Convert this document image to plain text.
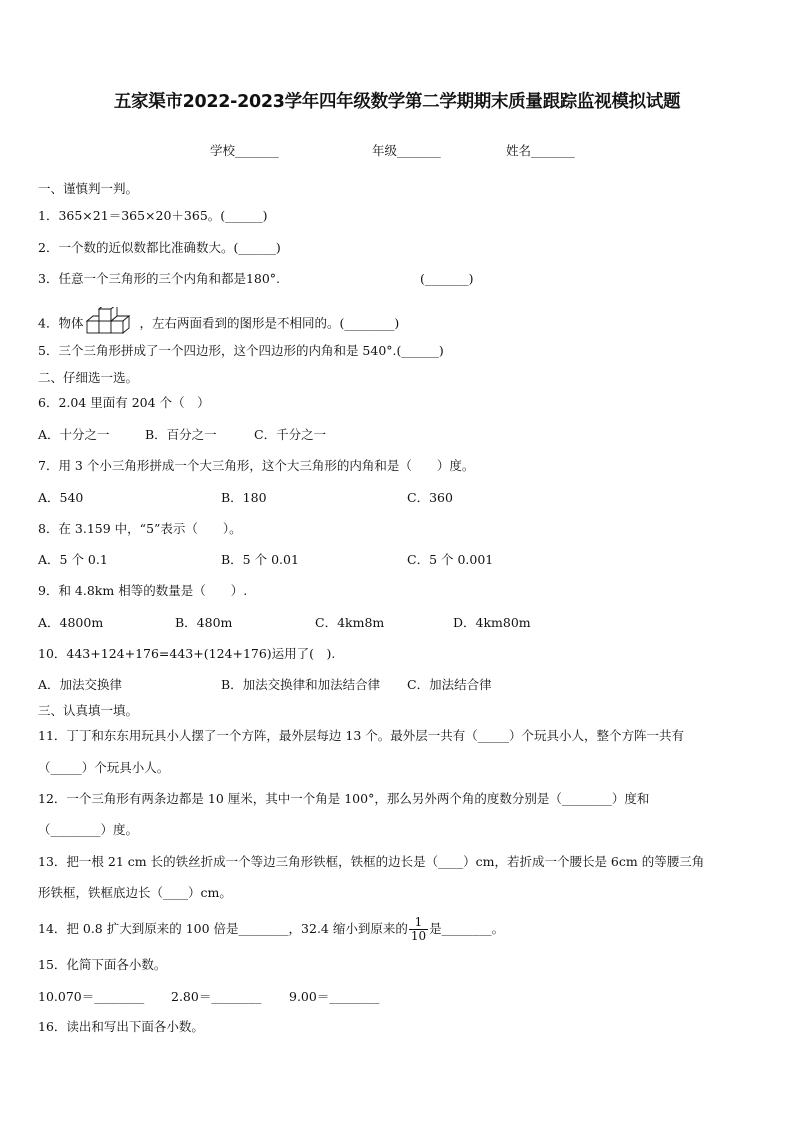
五家渠市2022-2023学年四年级数学第二学期期末质量跟踪监视模拟试题
学校_______	年级_______	姓名_______
一、谨慎判一判。
1．365×21＝365×20＋365。(______)
2．一个数的近似数都比准确数大。(______)
3．任意一个三角形的三个内角和都是180°.	(_______)
4．物体	，左右两面看到的图形是不相同的。(________)
5．三个三角形拼成了一个四边形，这个四边形的内角和是 540°.(______)
二、仔细选一选。
6．2.04 里面有 204 个（　）
A．十分之一	B．百分之一	C．千分之一
7．用 3 个小三角形拼成一个大三角形，这个大三角形的内角和是（　　）度。
A．540	B．180	C．360
8．在 3.159 中，“5”表示（　　）。
A．5 个 0.1	B．5 个 0.01	C．5 个 0.001
9．和 4.8km 相等的数量是（　　）.
A．4800m	B．480m	C．4km8m	D．4km80m
10．443+124+176=443+(124+176)运用了(　).
A．加法交换律	B．加法交换律和加法结合律 C．加法结合律
三、认真填一填。
11．丁丁和东东用玩具小人摆了一个方阵，最外层每边 13 个。最外层一共有（_____）个玩具小人，整个方阵一共有
（_____）个玩具小人。
12．一个三角形有两条边都是 10 厘米，其中一个角是 100°，那么另外两个角的度数分别是（________）度和
（________）度。
13．把一根 21 cm 长的铁丝折成一个等边三角形铁框，铁框的边长是（____）cm，若折成一个腰长是 6cm 的等腰三角
形铁框，铁框底边长（____）cm。
14．把 0.8 扩大到原来的 100 倍是________，32.4 缩小到原来的 $\frac{1}{10}$ 是________。
15．化简下面各小数。
10.070＝________ 2.80＝________ 9.00＝________
16．读出和写出下面各小数。
